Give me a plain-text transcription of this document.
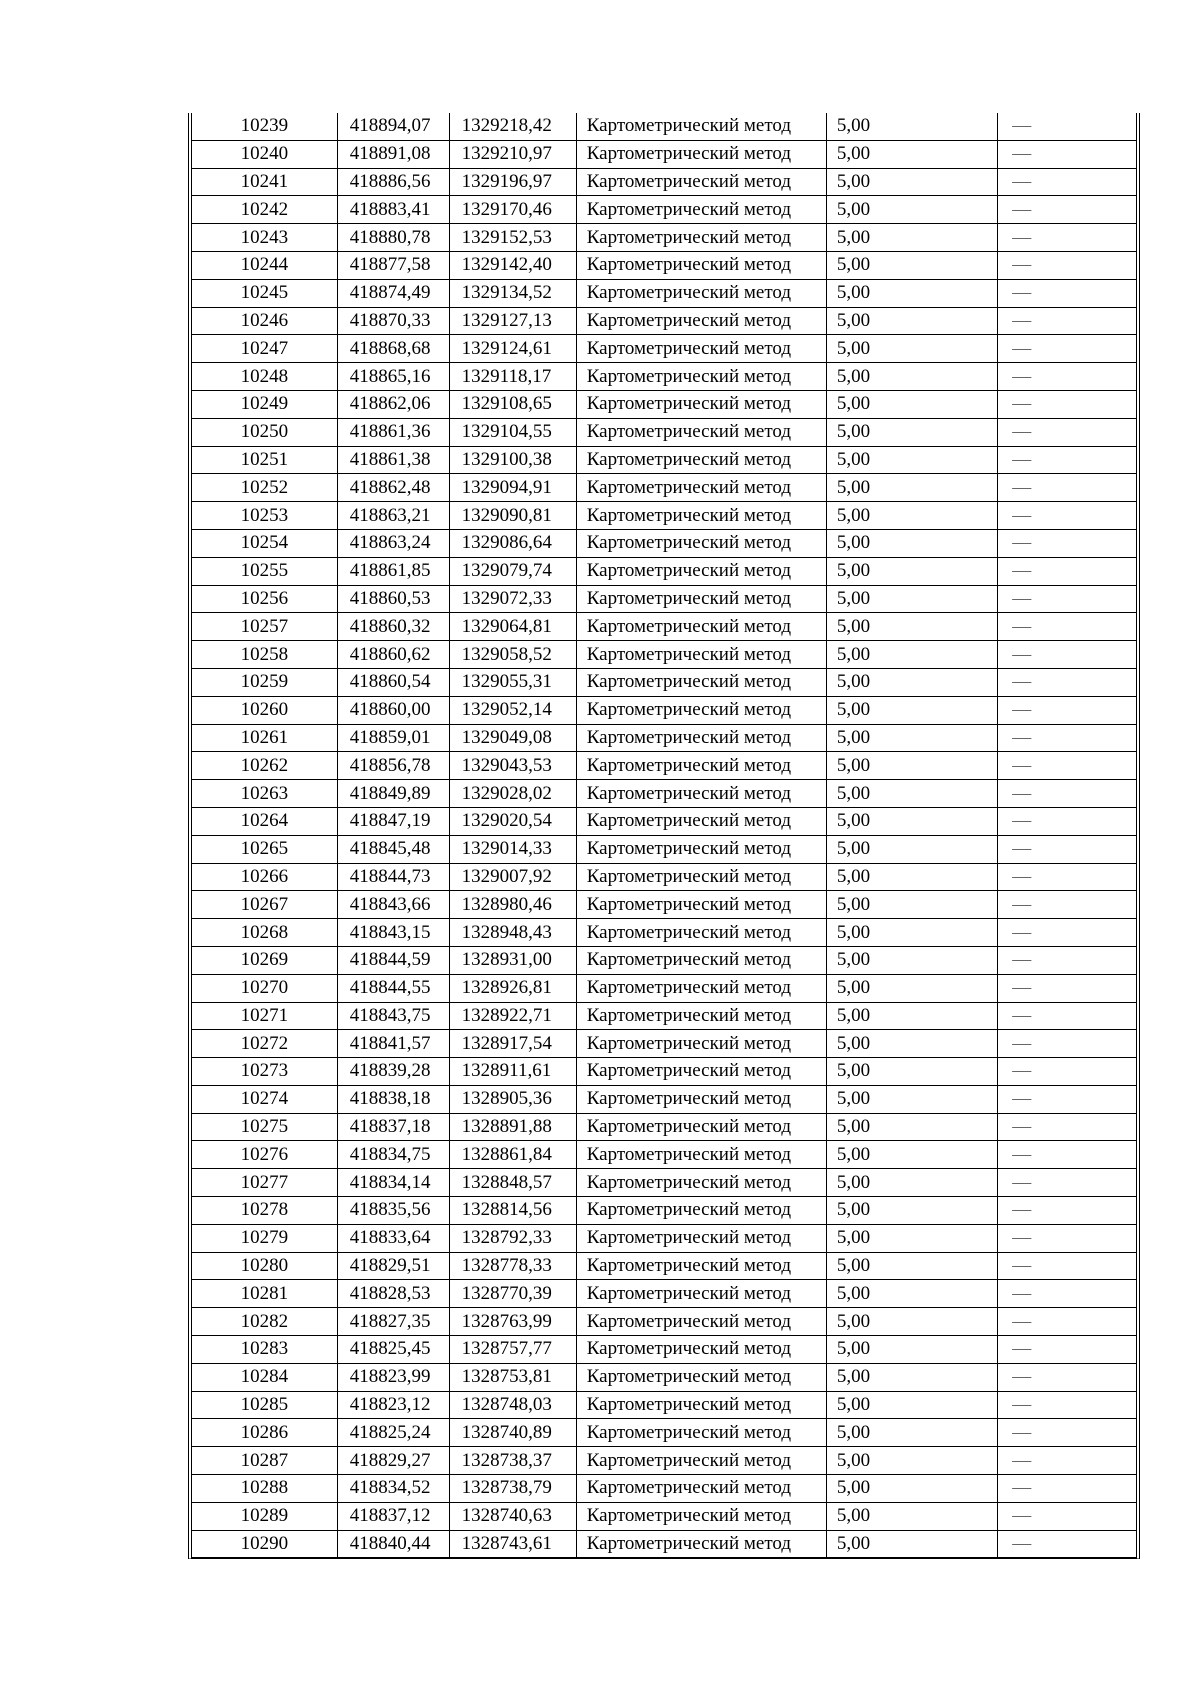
10239	418894,07	1329218,42	Картометрический метод	5,00	—
10240	418891,08	1329210,97	Картометрический метод	5,00	—
10241	418886,56	1329196,97	Картометрический метод	5,00	—
10242	418883,41	1329170,46	Картометрический метод	5,00	—
10243	418880,78	1329152,53	Картометрический метод	5,00	—
10244	418877,58	1329142,40	Картометрический метод	5,00	—
10245	418874,49	1329134,52	Картометрический метод	5,00	—
10246	418870,33	1329127,13	Картометрический метод	5,00	—
10247	418868,68	1329124,61	Картометрический метод	5,00	—
10248	418865,16	1329118,17	Картометрический метод	5,00	—
10249	418862,06	1329108,65	Картометрический метод	5,00	—
10250	418861,36	1329104,55	Картометрический метод	5,00	—
10251	418861,38	1329100,38	Картометрический метод	5,00	—
10252	418862,48	1329094,91	Картометрический метод	5,00	—
10253	418863,21	1329090,81	Картометрический метод	5,00	—
10254	418863,24	1329086,64	Картометрический метод	5,00	—
10255	418861,85	1329079,74	Картометрический метод	5,00	—
10256	418860,53	1329072,33	Картометрический метод	5,00	—
10257	418860,32	1329064,81	Картометрический метод	5,00	—
10258	418860,62	1329058,52	Картометрический метод	5,00	—
10259	418860,54	1329055,31	Картометрический метод	5,00	—
10260	418860,00	1329052,14	Картометрический метод	5,00	—
10261	418859,01	1329049,08	Картометрический метод	5,00	—
10262	418856,78	1329043,53	Картометрический метод	5,00	—
10263	418849,89	1329028,02	Картометрический метод	5,00	—
10264	418847,19	1329020,54	Картометрический метод	5,00	—
10265	418845,48	1329014,33	Картометрический метод	5,00	—
10266	418844,73	1329007,92	Картометрический метод	5,00	—
10267	418843,66	1328980,46	Картометрический метод	5,00	—
10268	418843,15	1328948,43	Картометрический метод	5,00	—
10269	418844,59	1328931,00	Картометрический метод	5,00	—
10270	418844,55	1328926,81	Картометрический метод	5,00	—
10271	418843,75	1328922,71	Картометрический метод	5,00	—
10272	418841,57	1328917,54	Картометрический метод	5,00	—
10273	418839,28	1328911,61	Картометрический метод	5,00	—
10274	418838,18	1328905,36	Картометрический метод	5,00	—
10275	418837,18	1328891,88	Картометрический метод	5,00	—
10276	418834,75	1328861,84	Картометрический метод	5,00	—
10277	418834,14	1328848,57	Картометрический метод	5,00	—
10278	418835,56	1328814,56	Картометрический метод	5,00	—
10279	418833,64	1328792,33	Картометрический метод	5,00	—
10280	418829,51	1328778,33	Картометрический метод	5,00	—
10281	418828,53	1328770,39	Картометрический метод	5,00	—
10282	418827,35	1328763,99	Картометрический метод	5,00	—
10283	418825,45	1328757,77	Картометрический метод	5,00	—
10284	418823,99	1328753,81	Картометрический метод	5,00	—
10285	418823,12	1328748,03	Картометрический метод	5,00	—
10286	418825,24	1328740,89	Картометрический метод	5,00	—
10287	418829,27	1328738,37	Картометрический метод	5,00	—
10288	418834,52	1328738,79	Картометрический метод	5,00	—
10289	418837,12	1328740,63	Картометрический метод	5,00	—
10290	418840,44	1328743,61	Картометрический метод	5,00	—
